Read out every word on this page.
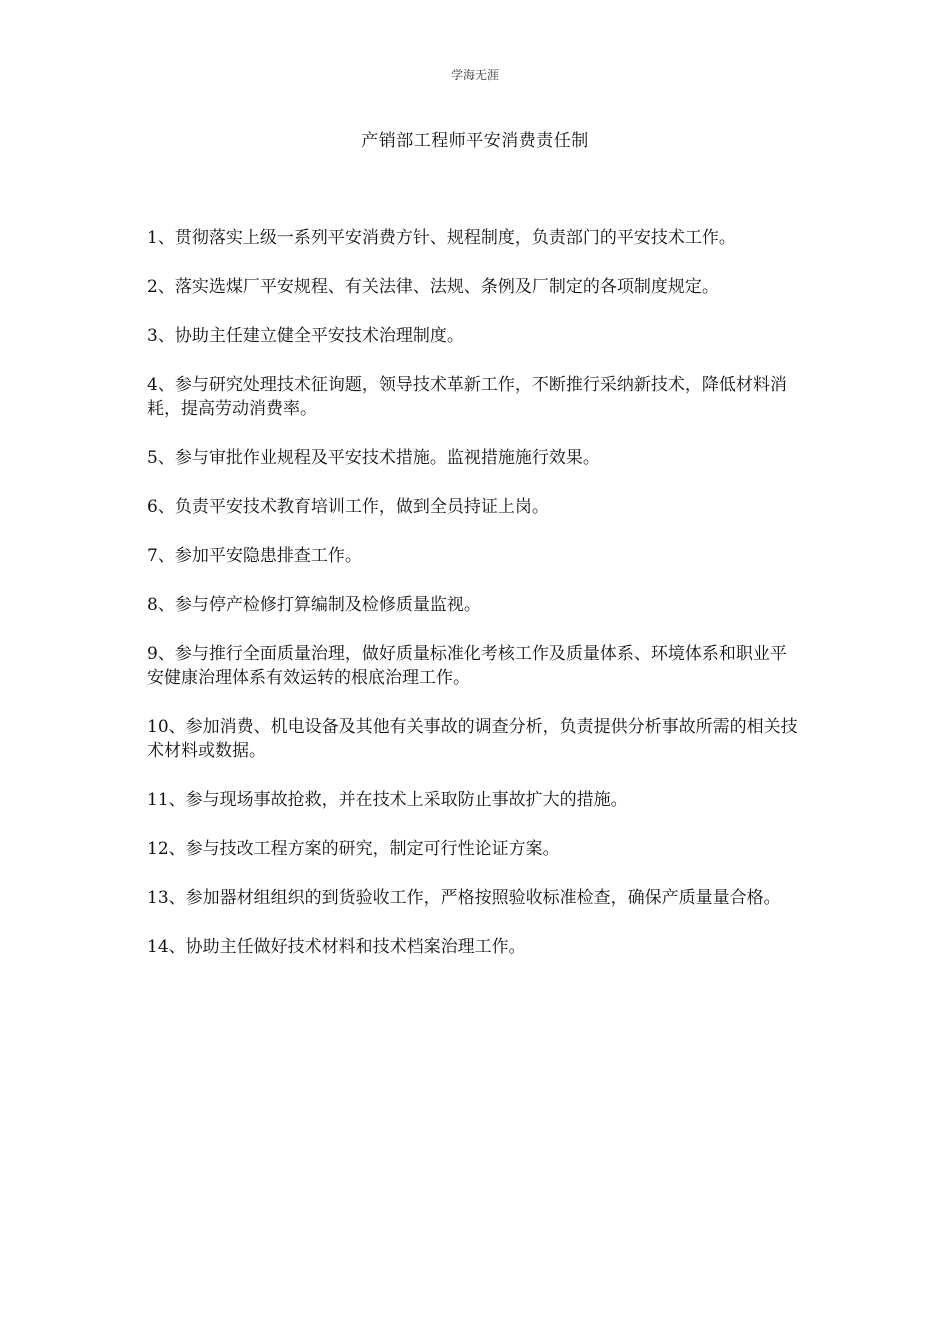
学海无涯
产销部工程师平安消费责任制

1、贯彻落实上级一系列平安消费方针、规程制度，负责部门的平安技术工作。

2、落实选煤厂平安规程、有关法律、法规、条例及厂制定的各项制度规定。

3、协助主任建立健全平安技术治理制度。

4、参与研究处理技术征询题，领导技术革新工作，不断推行采纳新技术，降低材料消耗，提高劳动消费率。

5、参与审批作业规程及平安技术措施。监视措施施行效果。

6、负责平安技术教育培训工作，做到全员持证上岗。

7、参加平安隐患排查工作。

8、参与停产检修打算编制及检修质量监视。

9、参与推行全面质量治理，做好质量标准化考核工作及质量体系、环境体系和职业平安健康治理体系有效运转的根底治理工作。

10、参加消费、机电设备及其他有关事故的调查分析，负责提供分析事故所需的相关技术材料或数据。

11、参与现场事故抢救，并在技术上采取防止事故扩大的措施。

12、参与技改工程方案的研究，制定可行性论证方案。

13、参加器材组组织的到货验收工作，严格按照验收标准检查，确保产质量量合格。

14、协助主任做好技术材料和技术档案治理工作。
